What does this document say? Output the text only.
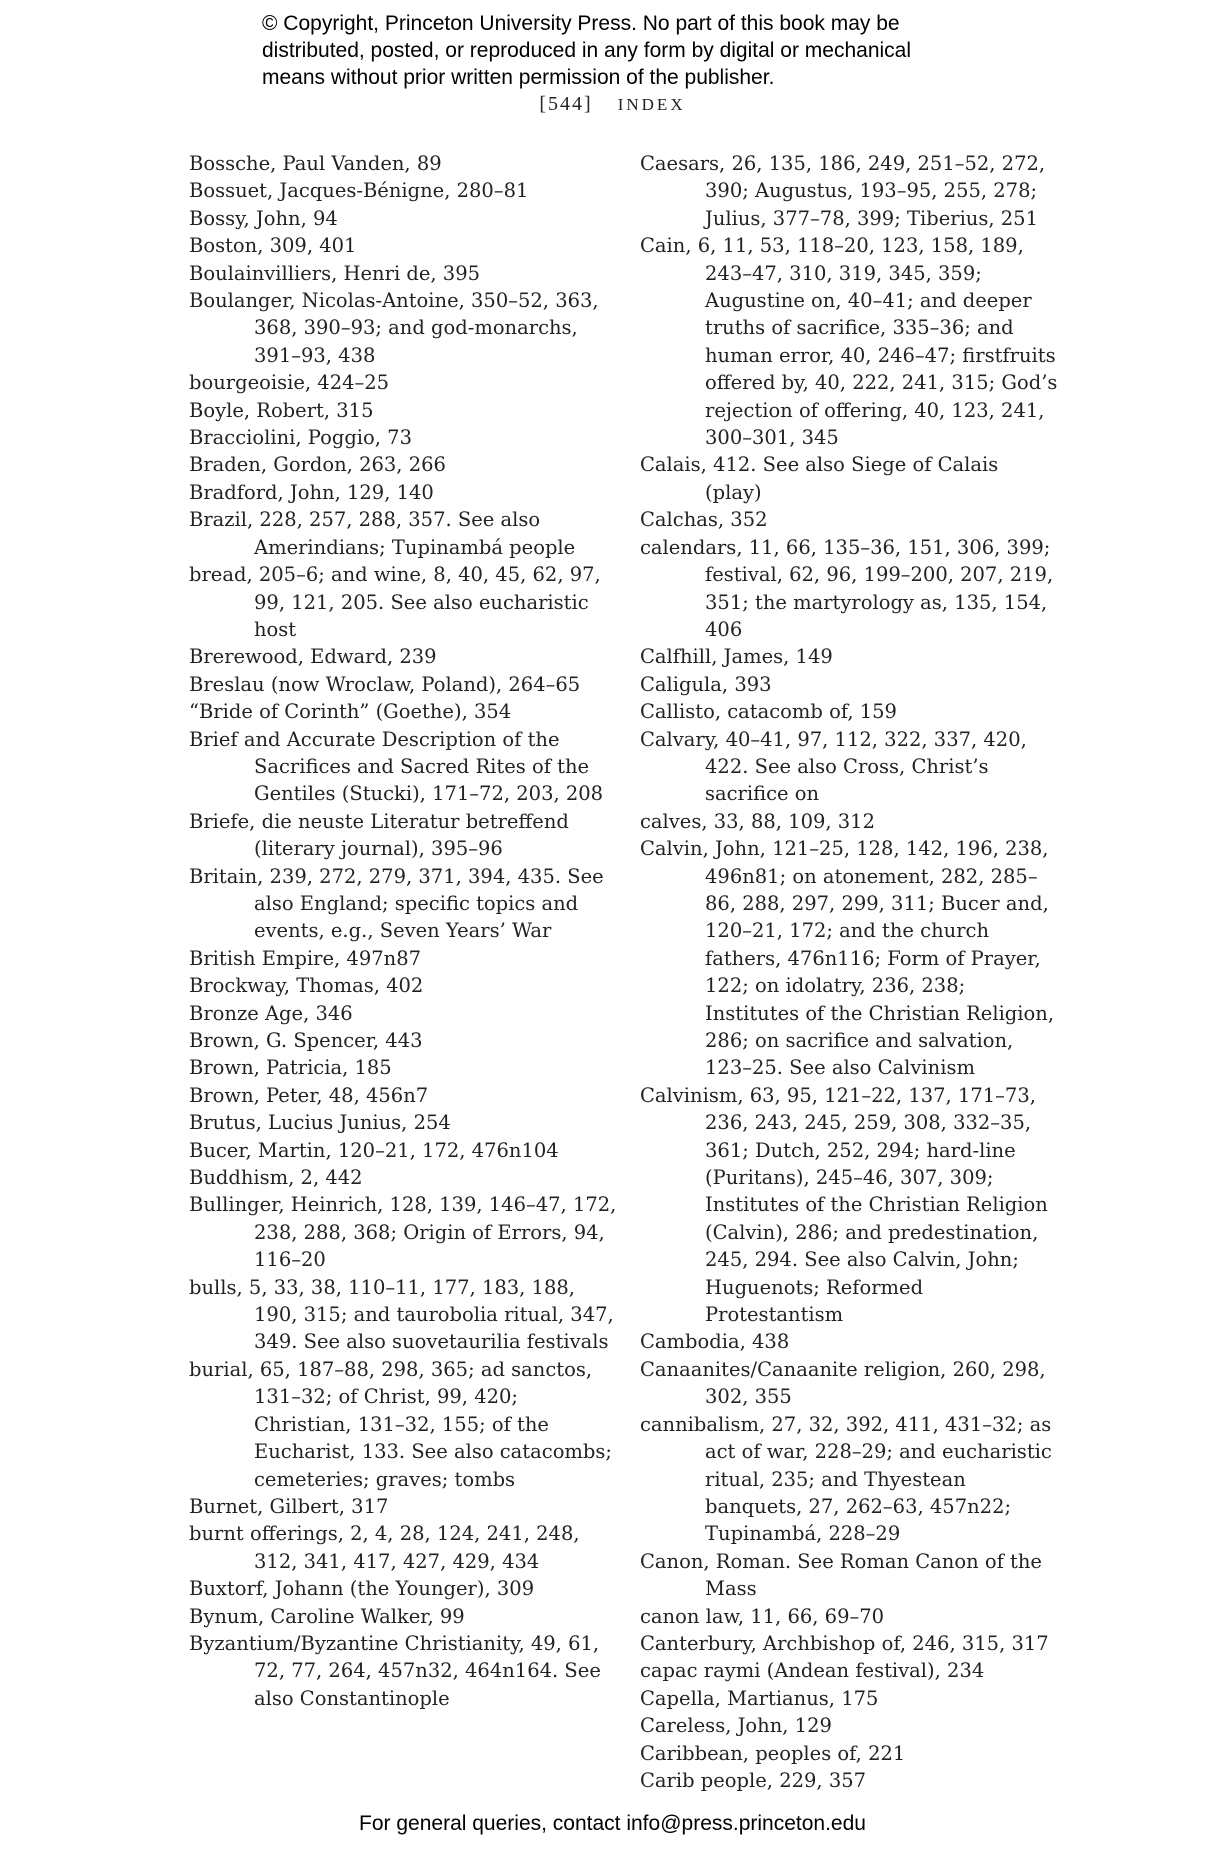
© Copyright, Princeton University Press. No part of this book may be
distributed, posted, or reproduced in any form by digital or mechanical
means without prior written permission of the publisher.
[544] INDEX

Bossche, Paul Vanden, 89

Bossuet, Jacques-Bénigne, 280–81

Bossy, John, 94

Boston, 309, 401

Boulainvilliers, Henri de, 395

Boulanger, Nicolas-Antoine, 350–52, 363, 368, 390–93; and god-monarchs, 391–93, 438

bourgeoisie, 424–25

Boyle, Robert, 315

Bracciolini, Poggio, 73

Braden, Gordon, 263, 266

Bradford, John, 129, 140

Brazil, 228, 257, 288, 357. See also Amerindians; Tupinambá people

bread, 205–6; and wine, 8, 40, 45, 62, 97, 99, 121, 205. See also eucharistic host

Brerewood, Edward, 239

Breslau (now Wroclaw, Poland), 264–65

“Bride of Corinth” (Goethe), 354

Brief and Accurate Description of the Sacrifices and Sacred Rites of the Gentiles (Stucki), 171–72, 203, 208

Briefe, die neuste Literatur betreffend (literary journal), 395–96

Britain, 239, 272, 279, 371, 394, 435. See also England; specific topics and events, e.g., Seven Years’ War

British Empire, 497n87

Brockway, Thomas, 402

Bronze Age, 346

Brown, G. Spencer, 443

Brown, Patricia, 185

Brown, Peter, 48, 456n7

Brutus, Lucius Junius, 254

Bucer, Martin, 120–21, 172, 476n104

Buddhism, 2, 442

Bullinger, Heinrich, 128, 139, 146–47, 172, 238, 288, 368; Origin of Errors, 94, 116–20

bulls, 5, 33, 38, 110–11, 177, 183, 188, 190, 315; and taurobolia ritual, 347, 349. See also suovetaurilia festivals

burial, 65, 187–88, 298, 365; ad sanctos, 131–32; of Christ, 99, 420; Christian, 131–32, 155; of the Eucharist, 133. See also catacombs; cemeteries; graves; tombs

Burnet, Gilbert, 317

burnt offerings, 2, 4, 28, 124, 241, 248, 312, 341, 417, 427, 429, 434

Buxtorf, Johann (the Younger), 309

Bynum, Caroline Walker, 99

Byzantium/Byzantine Christianity, 49, 61, 72, 77, 264, 457n32, 464n164. See also Constantinople

Caesars, 26, 135, 186, 249, 251–52, 272, 390; Augustus, 193–95, 255, 278; Julius, 377–78, 399; Tiberius, 251

Cain, 6, 11, 53, 118–20, 123, 158, 189, 243–47, 310, 319, 345, 359; Augustine on, 40–41; and deeper truths of sacrifice, 335–36; and human error, 40, 246–47; firstfruits offered by, 40, 222, 241, 315; God’s rejection of offering, 40, 123, 241, 300–301, 345

Calais, 412. See also Siege of Calais (play)

Calchas, 352

calendars, 11, 66, 135–36, 151, 306, 399; festival, 62, 96, 199–200, 207, 219, 351; the martyrology as, 135, 154, 406

Calfhill, James, 149

Caligula, 393

Callisto, catacomb of, 159

Calvary, 40–41, 97, 112, 322, 337, 420, 422. See also Cross, Christ’s sacrifice on

calves, 33, 88, 109, 312

Calvin, John, 121–25, 128, 142, 196, 238, 496n81; on atonement, 282, 285–86, 288, 297, 299, 311; Bucer and, 120–21, 172; and the church fathers, 476n116; Form of Prayer, 122; on idolatry, 236, 238; Institutes of the Christian Religion, 286; on sacrifice and salvation, 123–25. See also Calvinism

Calvinism, 63, 95, 121–22, 137, 171–73, 236, 243, 245, 259, 308, 332–35, 361; Dutch, 252, 294; hard-line (Puritans), 245–46, 307, 309; Institutes of the Christian Religion (Calvin), 286; and predestination, 245, 294. See also Calvin, John; Huguenots; Reformed Protestantism

Cambodia, 438

Canaanites/Canaanite religion, 260, 298, 302, 355

cannibalism, 27, 32, 392, 411, 431–32; as act of war, 228–29; and eucharistic ritual, 235; and Thyestean banquets, 27, 262–63, 457n22; Tupinambá, 228–29

Canon, Roman. See Roman Canon of the Mass

canon law, 11, 66, 69–70

Canterbury, Archbishop of, 246, 315, 317

capac raymi (Andean festival), 234

Capella, Martianus, 175

Careless, John, 129

Caribbean, peoples of, 221

Carib people, 229, 357

For general queries, contact info@press.princeton.edu
